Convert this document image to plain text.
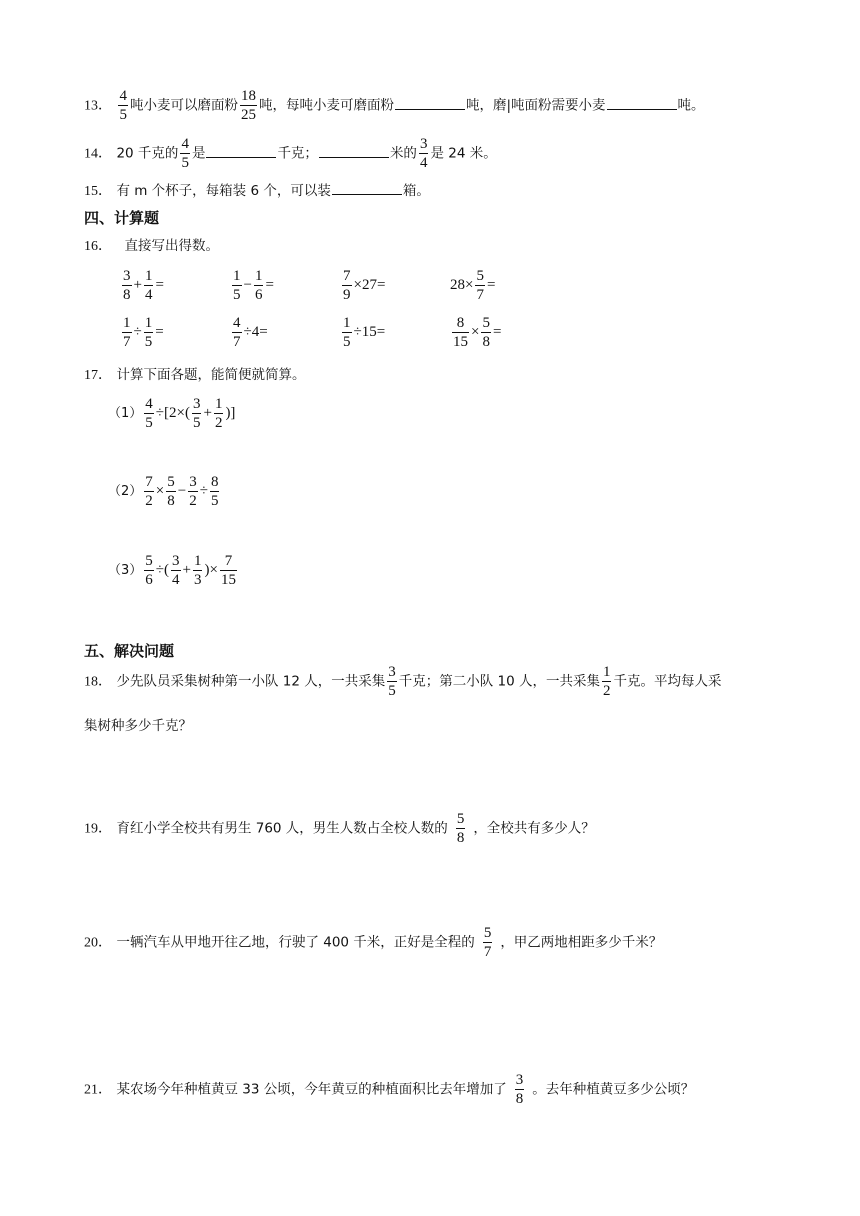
13． $\frac{4}{5}$ 吨小麦可以磨面粉 $\frac{18}{25}$ 吨，每吨小麦可磨面粉	吨，磨|吨面粉需要小麦	吨。
14． 20 千克的 $\frac{4}{5}$ 是	千克；	米的 $\frac{3}{4}$ 是 24 米。
15． 有 m 个杯子，每箱装 6 个，可以装	箱。
四、计算题
16． 直接写出得数。
$\frac{3}{8} + \frac{1}{4}$ =	$\frac{1}{5} - \frac{1}{6}$ =	$\frac{7}{9} \times 27=$	$28\times \frac{5}{7}$ =
$\frac{1}{7} \div \frac{1}{5}$ =	$\frac{4}{7} \div 4=$	$\frac{1}{5} \div 15=$	$\frac{8}{15} \times \frac{5}{8}$ =
17． 计算下面各题，能简便就简算。
$(1) \frac{4}{5} \div[2\times( \frac{3}{5} + \frac{1}{2}$ )]
$(2) \frac{7}{2} \times \frac{5}{8} - \frac{3}{2} \div \frac{8}{5}$
$(3) \frac{5}{6}$ ÷( $\frac{3}{4} + \frac{1}{3}$ )× $\frac{7}{15}$
五、解决问题
18． 少先队员采集树种第一小队 12 人，一共采集 $\frac{3}{5}$ 千克；第二小队 10 人，一共采集 $\frac{1}{2}$ 千克。平均每人采
集树种多少千克？
19． 育红小学全校共有男生 760 人，男生人数占全校人数的 $\frac{5}{8}$ ，全校共有多少人？
20． 一辆汽车从甲地开往乙地，行驶了 400 千米，正好是全程的 $\frac{5}{7}$ ，甲乙两地相距多少千米？
21． 某农场今年种植黄豆 33 公顷，今年黄豆的种植面积比去年增加了 $\frac{3}{8}$ 。去年种植黄豆多少公顷？
